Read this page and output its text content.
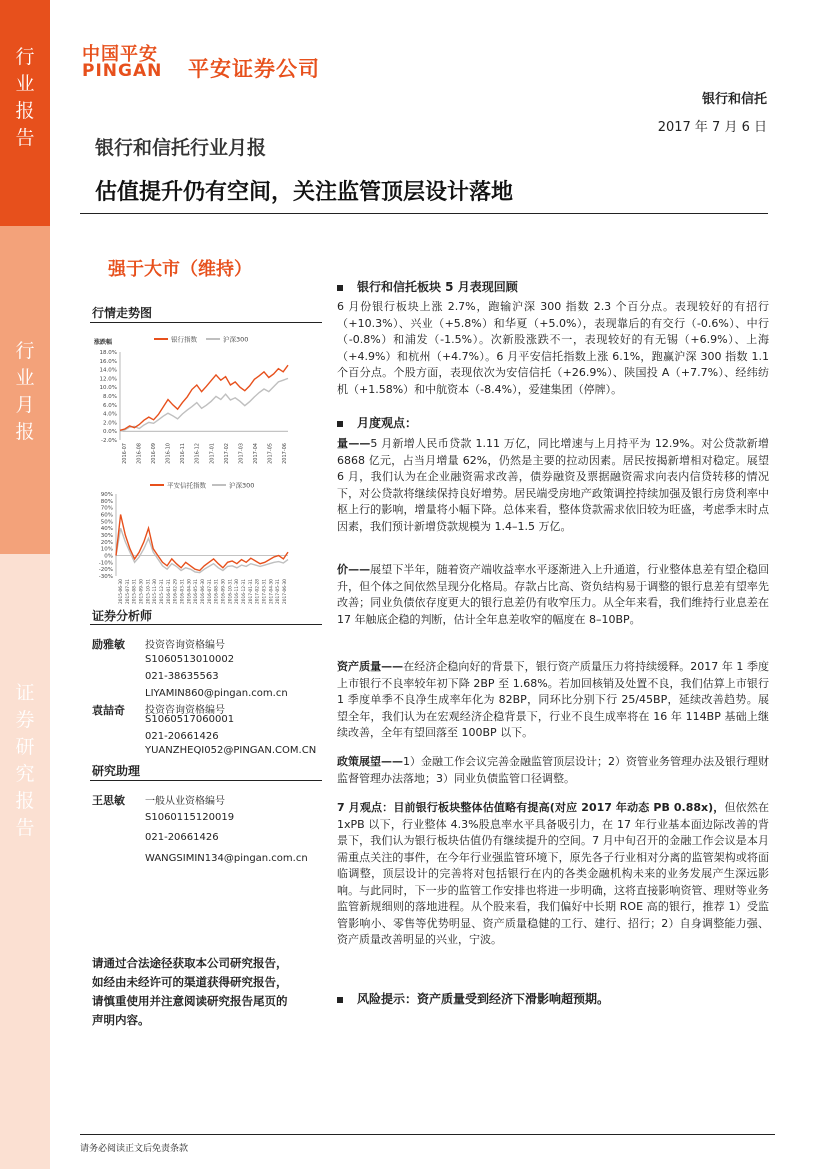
行
业
报
告
行
业
月
报
证
券
研
究
报
告
中国平安
PINGAN 平安证券公司
银行和信托
2017 年 7 月 6 日
银行和信托行业月报
估值提升仍有空间，关注监管顶层设计落地
强于大市（维持）
行情走势图
银行指数	沪深300
涨跌幅
18.0%
16.0%
14.0%
12.0%
10.0%
8.0%
6.0%
4.0%
2.0%
0.0%
-2.0%
2016-07 2016-08 2016-09 2016-10 2016-11 2016-12 2017-01 2017-02 2017-03 2017-04 2017-05 2017-06
平安信托指数	沪深300
90%
80%
70%
60%
50%
40%
30%
20%
10%
0%
-10%
-20%
-30%
2015-06-30 2015-07-31 2015-08-31 2015-09-30 2015-10-31 2015-11-30 2015-12-31 2016-01-31 2016-02-29 2016-03-31 2016-04-30 2016-05-31 2016-06-30 2016-07-31 2016-08-31 2016-09-30 2016-10-31 2016-11-30 2016-12-31 2017-01-31 2017-02-28 2017-03-31 2017-04-30 2017-05-31 2017-06-30
证券分析师
励雅敏 投资咨询资格编号
S1060513010002
021-38635563
LIYAMIN860@pingan.com.cn
袁喆奇 投资咨询资格编号
S1060517060001
021-20661426
YUANZHEQI052@PINGAN.COM.CN
研究助理
王思敏 一般从业资格编号
S1060115120019
021-20661426
WANGSIMIN134@pingan.com.cn
请通过合法途径获取本公司研究报告，如经由未经许可的渠道获得研究报告，请慎重使用并注意阅读研究报告尾页的声明内容。
银行和信托板块 5 月表现回顾
6 月份银行板块上涨 2.7%，跑输沪深 300 指数 2.3 个百分点。表现较好的有招行（+10.3%）、兴业（+5.8%）和华夏（+5.0%），表现靠后的有交行（-0.6%）、中行（-0.8%）和浦发（-1.5%）。次新股涨跌不一，表现较好的有无锡（+6.9%）、上海（+4.9%）和杭州（+4.7%）。6 月平安信托指数上涨 6.1%，跑赢沪深 300 指数 1.1 个百分点。个股方面，表现依次为安信信托（+26.9%）、陕国投 A（+7.7%）、经纬纺机（+1.58%）和中航资本（-8.4%），爱建集团（停牌）。
月度观点：
量——5 月新增人民币贷款 1.11 万亿，同比增速与上月持平为 12.9%。对公贷款新增 6868 亿元，占当月增量 62%，仍然是主要的拉动因素。居民按揭新增相对稳定。展望 6 月，我们认为在企业融资需求改善，债券融资及票据融资需求向表内信贷转移的情况下，对公贷款将继续保持良好增势。居民端受房地产政策调控持续加强及银行房贷利率中枢上行的影响，增量将小幅下降。总体来看，整体贷款需求依旧较为旺盛，考虑季末时点因素，我们预计新增贷款规模为 1.4–1.5 万亿。
价——展望下半年，随着资产端收益率水平逐渐进入上升通道，行业整体息差有望企稳回升，但个体之间依然呈现分化格局。存款占比高、资负结构易于调整的银行息差有望率先改善；同业负债依存度更大的银行息差仍有收窄压力。从全年来看，我们维持行业息差在 17 年触底企稳的判断，估计全年息差收窄的幅度在 8–10BP。
资产质量——在经济企稳向好的背景下，银行资产质量压力将持续缓释。2017 年 1 季度上市银行不良率较年初下降 2BP 至 1.68%。若加回核销及处置不良，我们估算上市银行 1 季度单季不良净生成率年化为 82BP，同环比分别下行 25/45BP，延续改善趋势。展望全年，我们认为在宏观经济企稳背景下，行业不良生成率将在 16 年 114BP 基础上继续改善，全年有望回落至 100BP 以下。
政策展望——1）金融工作会议完善金融监管顶层设计；2）资管业务管理办法及银行理财监督管理办法落地；3）同业负债监管口径调整。
7 月观点：目前银行板块整体估值略有提高(对应 2017 年动态 PB 0.88x)，但依然在 1xPB 以下，行业整体 4.3%股息率水平具备吸引力，在 17 年行业基本面边际改善的背景下，我们认为银行板块估值仍有继续提升的空间。7 月中旬召开的金融工作会议是本月需重点关注的事件，在今年行业强监管环境下，原先各子行业相对分离的监管架构或将面临调整，顶层设计的完善将对包括银行在内的各类金融机构未来的业务发展产生深远影响。与此同时，下一步的监管工作安排也将进一步明确，这将直接影响资管、理财等业务监管新规细则的落地进程。从个股来看，我们偏好中长期 ROE 高的银行，推荐 1）受监管影响小、零售等优势明显、资产质量稳健的工行、建行、招行；2）自身调整能力强、资产质量改善明显的兴业，宁波。
风险提示：资产质量受到经济下滑影响超预期。
请务必阅读正文后免责条款
